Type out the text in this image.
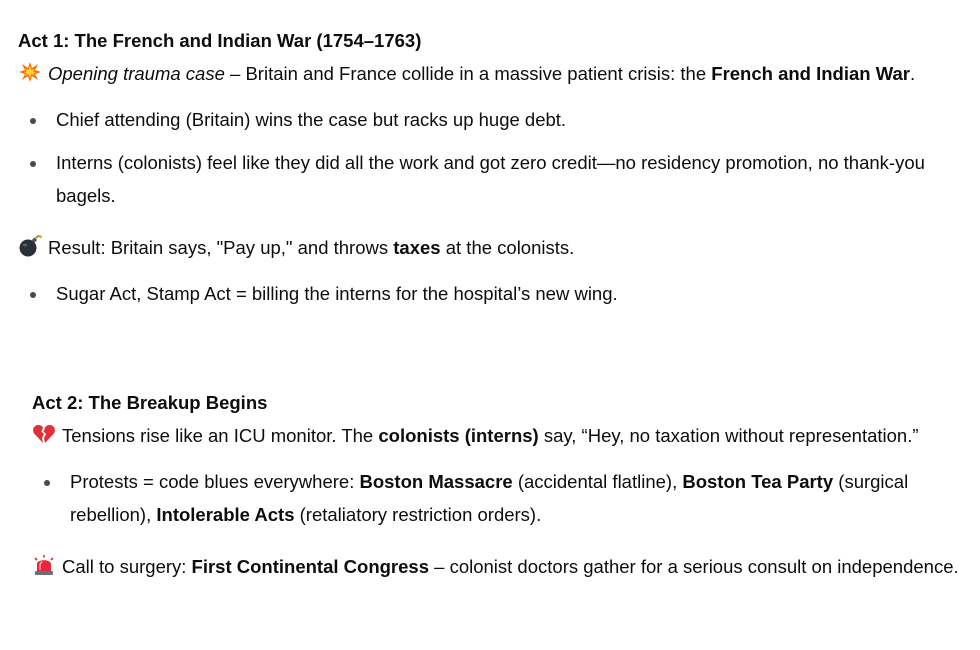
Act 1: The French and Indian War (1754–1763)

Opening trauma case – Britain and France collide in a massive patient crisis: the French and Indian War.

Chief attending (Britain) wins the case but racks up huge debt.
Interns (colonists) feel like they did all the work and got zero credit—no residency promotion, no thank-you bagels.

Result: Britain says, "Pay up," and throws taxes at the colonists.

Sugar Act, Stamp Act = billing the interns for the hospital’s new wing.
Act 2: The Breakup Begins

Tensions rise like an ICU monitor. The colonists (interns) say, “Hey, no taxation without representation.”

Protests = code blues everywhere: Boston Massacre (accidental flatline), Boston Tea Party (surgical rebellion), Intolerable Acts (retaliatory restriction orders).

Call to surgery: First Continental Congress – colonist doctors gather for a serious consult on independence.
